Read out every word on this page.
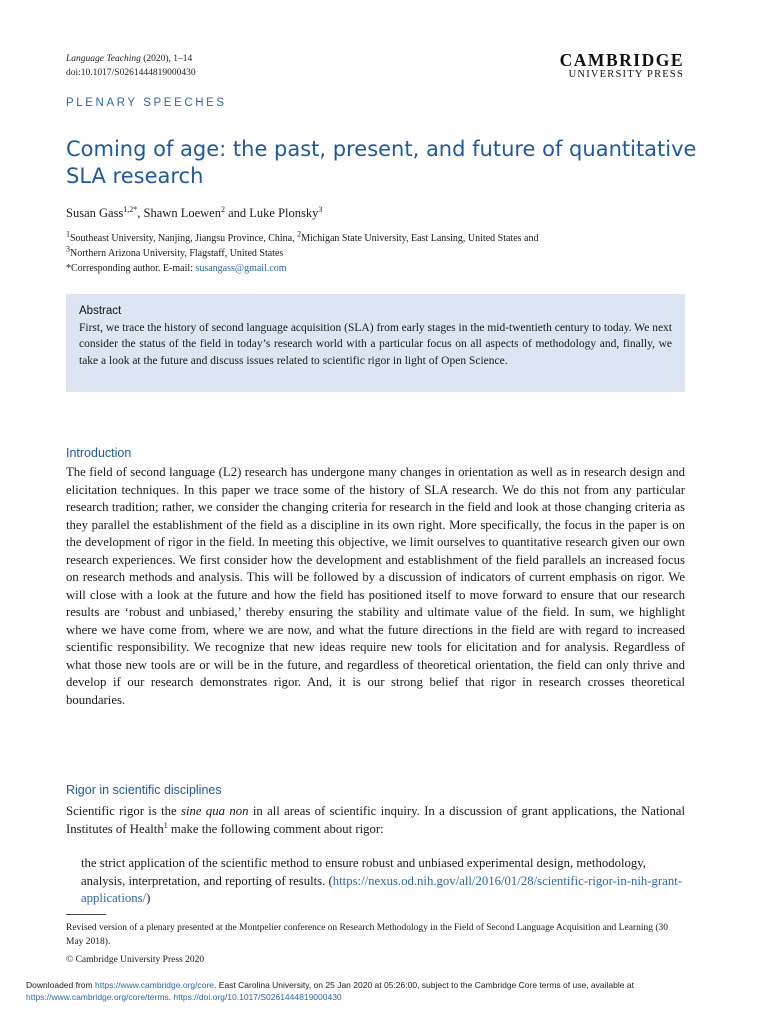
Language Teaching (2020), 1–14
doi:10.1017/S0261444819000430
CAMBRIDGE
UNIVERSITY PRESS
PLENARY SPEECHES
Coming of age: the past, present, and future of quantitative SLA research
Susan Gass$^{1,2*}$, Shawn Loewen$^2$ and Luke Plonsky$^3$
$^1$Southeast University, Nanjing, Jiangsu Province, China, $^2$Michigan State University, East Lansing, United States and
$^3$Northern Arizona University, Flagstaff, United States
*Corresponding author. E-mail: susangass@gmail.com
Abstract
First, we trace the history of second language acquisition (SLA) from early stages in the mid-twentieth century to today. We next consider the status of the field in today’s research world with a particular focus on all aspects of methodology and, finally, we take a look at the future and discuss issues related to scientific rigor in light of Open Science.
Introduction

The field of second language (L2) research has undergone many changes in orientation as well as in research design and elicitation techniques. In this paper we trace some of the history of SLA research. We do this not from any particular research tradition; rather, we consider the changing criteria for research in the field and look at those changing criteria as they parallel the establishment of the field as a discipline in its own right. More specifically, the focus in the paper is on the development of rigor in the field. In meeting this objective, we limit ourselves to quantitative research given our own research experiences. We first consider how the development and establishment of the field parallels an increased focus on research methods and analysis. This will be followed by a discussion of indicators of current emphasis on rigor. We will close with a look at the future and how the field has positioned itself to move forward to ensure that our research results are ‘robust and unbiased,’ thereby ensuring the stability and ultimate value of the field. In sum, we highlight where we have come from, where we are now, and what the future directions in the field are with regard to increased scientific responsibility. We recognize that new ideas require new tools for elicitation and for analysis. Regardless of what those new tools are or will be in the future, and regardless of theoretical orientation, the field can only thrive and develop if our research demonstrates rigor. And, it is our strong belief that rigor in research crosses theoretical boundaries.

Rigor in scientific disciplines

Scientific rigor is the sine qua non in all areas of scientific inquiry. In a discussion of grant applications, the National Institutes of Health$^1$ make the following comment about rigor:

the strict application of the scientific method to ensure robust and unbiased experimental design, methodology, analysis, interpretation, and reporting of results. (https://nexus.od.nih.gov/all/2016/01/28/scientific-rigor-in-nih-grant-applications/)
Revised version of a plenary presented at the Montpelier conference on Research Methodology in the Field of Second Language Acquisition and Learning (30 May 2018).
© Cambridge University Press 2020
Downloaded from https://www.cambridge.org/core. East Carolina University, on 25 Jan 2020 at 05:26:00, subject to the Cambridge Core terms of use, available at https://www.cambridge.org/core/terms. https://doi.org/10.1017/S0261444819000430
